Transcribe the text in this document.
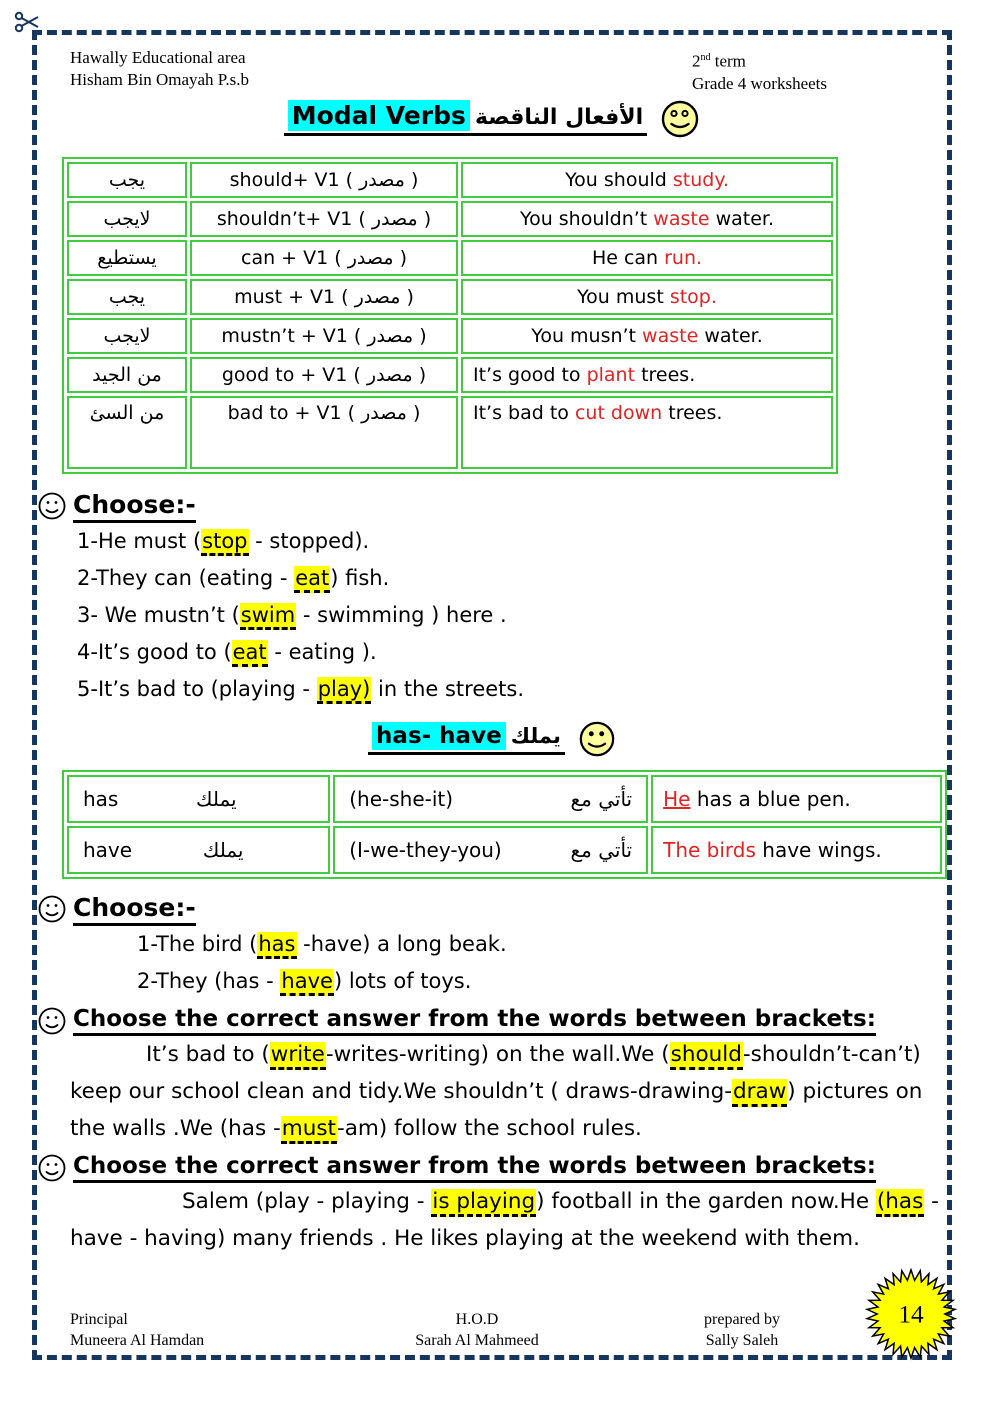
Hawally Educational area
Hisham Bin Omayah P.s.b
2nd term
Grade 4 worksheets
Modal Verbs الأفعال الناقصة
يجب	should+ V1 ( مصدر )	You should study.
لايجب	shouldn’t+ V1 ( مصدر )	You shouldn’t waste water.
يستطيع	can + V1 ( مصدر )	He can run.
يجب	must + V1 ( مصدر )	You must stop.
لايجب	mustn’t + V1 ( مصدر )	You musn’t waste water.
من الجيد	good to + V1 ( مصدر )	It’s good to plant trees.
من السئ	bad to + V1 ( مصدر )	It’s bad to cut down trees.
Choose:-
1-He must (stop - stopped).
2-They can (eating - eat) fish.
3- We mustn’t (swim - swimming ) here .
4-It’s good to (eat - eating ).
5-It’s bad to (playing - play) in the streets.
has- have يملك
has يملك	(he-she-it) تأتي مع	He has a blue pen.

have يملك	(I-we-they-you) تأتي مع	The birds have wings.
Choose:-
1-The bird (has -have) a long beak.
2-They (has - have) lots of toys.
Choose the correct answer from the words between brackets:
It’s bad to (write-writes-writing) on the wall.We (should-shouldn’t-can’t) keep our school clean and tidy.We shouldn’t ( draws-drawing-draw) pictures on the walls .We (has -must-am) follow the school rules.
Choose the correct answer from the words between brackets:
Salem (play - playing - is playing) football in the garden now.He (has - have - having) many friends . He likes playing at the weekend with them.
Principal
Muneera Al Hamdan
H.O.D
Sarah Al Mahmeed
prepared by
Sally Saleh
14
